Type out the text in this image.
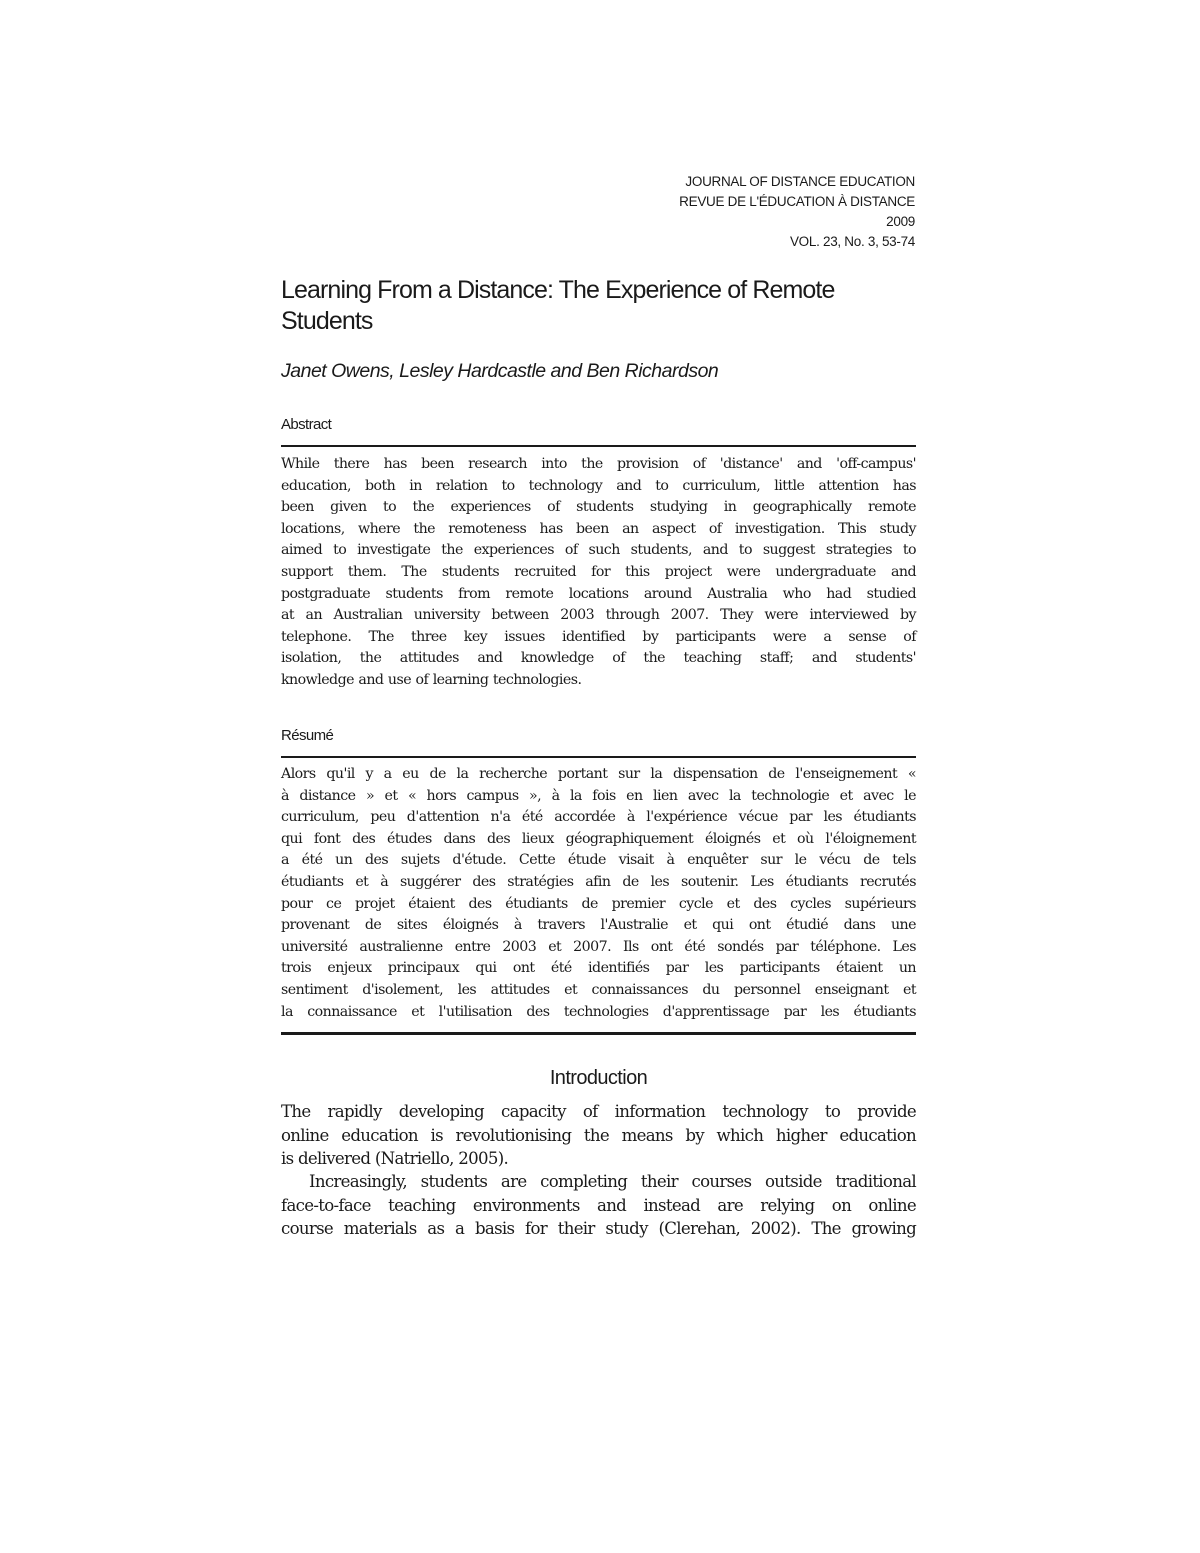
JOURNAL OF DISTANCE EDUCATION
REVUE DE L'ÉDUCATION À DISTANCE
2009
VOL. 23, No. 3, 53-74
Learning From a Distance: The Experience of Remote
Students
Janet Owens, Lesley Hardcastle and Ben Richardson
Abstract
While there has been research into the provision of 'distance' and 'off-campus'
education, both in relation to technology and to curriculum, little attention has
been given to the experiences of students studying in geographically remote
locations, where the remoteness has been an aspect of investigation. This study
aimed to investigate the experiences of such students, and to suggest strategies to
support them. The students recruited for this project were undergraduate and
postgraduate students from remote locations around Australia who had studied
at an Australian university between 2003 through 2007. They were interviewed by
telephone. The three key issues identified by participants were a sense of
isolation, the attitudes and knowledge of the teaching staff; and students'
knowledge and use of learning technologies.
Résumé
Alors qu'il y a eu de la recherche portant sur la dispensation de l'enseignement «
à distance » et « hors campus », à la fois en lien avec la technologie et avec le
curriculum, peu d'attention n'a été accordée à l'expérience vécue par les étudiants
qui font des études dans des lieux géographiquement éloignés et où l'éloignement
a été un des sujets d'étude. Cette étude visait à enquêter sur le vécu de tels
étudiants et à suggérer des stratégies afin de les soutenir. Les étudiants recrutés
pour ce projet étaient des étudiants de premier cycle et des cycles supérieurs
provenant de sites éloignés à travers l'Australie et qui ont étudié dans une
université australienne entre 2003 et 2007. Ils ont été sondés par téléphone. Les
trois enjeux principaux qui ont été identifiés par les participants étaient un
sentiment d'isolement, les attitudes et connaissances du personnel enseignant et
la connaissance et l'utilisation des technologies d'apprentissage par les étudiants
Introduction
The rapidly developing capacity of information technology to provide
online education is revolutionising the means by which higher education
is delivered (Natriello, 2005).
Increasingly, students are completing their courses outside traditional
face-to-face teaching environments and instead are relying on online
course materials as a basis for their study (Clerehan, 2002). The growing
